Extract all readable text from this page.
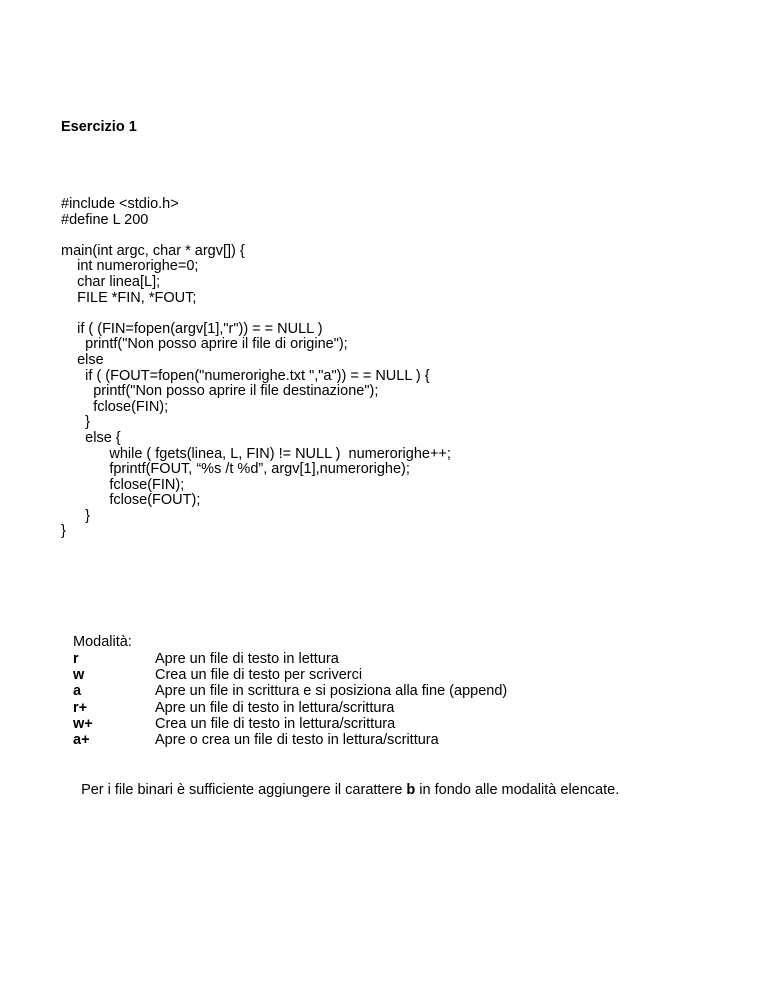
Esercizio 1
#include <stdio.h>
#define L 200
main(int argc, char * argv[]) {
int numerorighe=0;
char linea[L];
FILE *FIN, *FOUT;
if ( (FIN=fopen(argv[1],"r")) = = NULL )
printf("Non posso aprire il file di origine");
else
if ( (FOUT=fopen("numerorighe.txt ","a")) = = NULL ) {
printf("Non posso aprire il file destinazione");
fclose(FIN);
}
else {
while ( fgets(linea, L, FIN) != NULL )  numerorighe++;
fprintf(FOUT, “%s /t %d”, argv[1],numerorighe);
fclose(FIN);
fclose(FOUT);
}
}
Modalità:
r	Apre un file di testo in lettura
w	Crea un file di testo per scriverci
a	Apre un file in scrittura e si posiziona alla fine (append)
r+	Apre un file di testo in lettura/scrittura
w+	Crea un file di testo in lettura/scrittura
a+	Apre o crea un file di testo in lettura/scrittura

Per i file binari è sufficiente aggiungere il carattere b in fondo alle modalità elencate.
